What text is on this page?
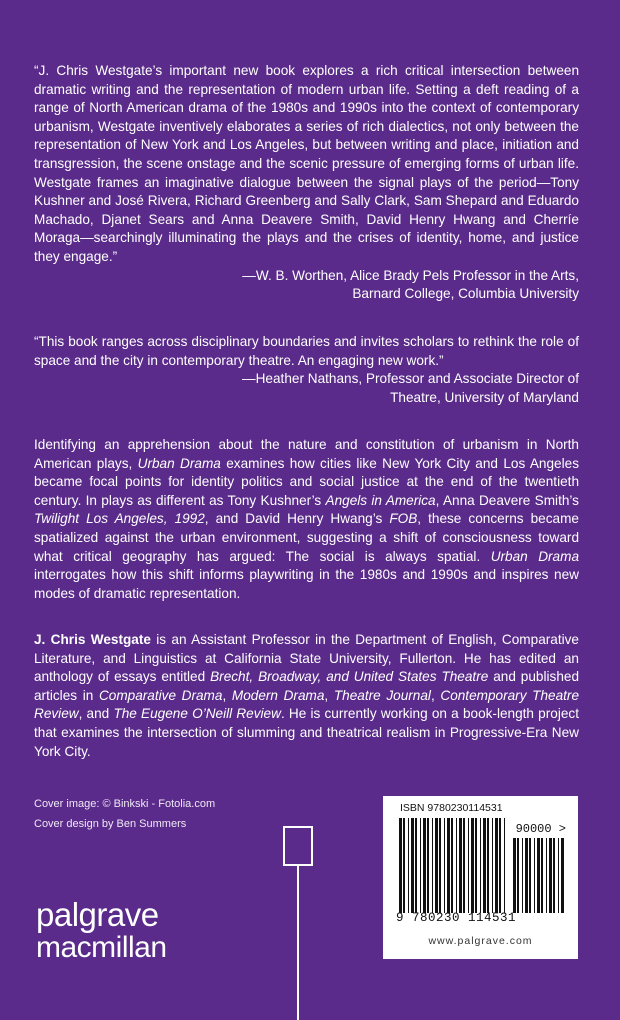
“J. Chris Westgate’s important new book explores a rich critical intersection between dramatic writing and the representation of modern urban life. Setting a deft reading of a range of North American drama of the 1980s and 1990s into the context of contemporary urbanism, Westgate inventively elaborates a series of rich dialectics, not only between the representation of New York and Los Angeles, but between writing and place, initiation and transgression, the scene onstage and the scenic pressure of emerging forms of urban life. Westgate frames an imaginative dialogue between the signal plays of the period—Tony Kushner and José Rivera, Richard Greenberg and Sally Clark, Sam Shepard and Eduardo Machado, Djanet Sears and Anna Deavere Smith, David Henry Hwang and Cherríe Moraga—searchingly illuminating the plays and the crises of identity, home, and justice they engage.”

—W. B. Worthen, Alice Brady Pels Professor in the Arts,
Barnard College, Columbia University

“This book ranges across disciplinary boundaries and invites scholars to rethink the role of space and the city in contemporary theatre. An engaging new work.”

—Heather Nathans, Professor and Associate Director of
Theatre, University of Maryland

Identifying an apprehension about the nature and constitution of urbanism in North American plays, Urban Drama examines how cities like New York City and Los Angeles became focal points for identity politics and social justice at the end of the twentieth century. In plays as different as Tony Kushner’s Angels in America, Anna Deavere Smith’s Twilight Los Angeles, 1992, and David Henry Hwang’s FOB, these concerns became spatialized against the urban environment, suggesting a shift of consciousness toward what critical geography has argued: The social is always spatial. Urban Drama interrogates how this shift informs playwriting in the 1980s and 1990s and inspires new modes of dramatic representation.

J. Chris Westgate is an Assistant Professor in the Department of English, Comparative Literature, and Linguistics at California State University, Fullerton. He has edited an anthology of essays entitled Brecht, Broadway, and United States Theatre and published articles in Comparative Drama, Modern Drama, Theatre Journal, Contemporary Theatre Review, and The Eugene O’Neill Review. He is currently working on a book-length project that examines the intersection of slumming and theatrical realism in Progressive-Era New York City.

Cover image: © Binkski - Fotolia.com
Cover design by Ben Summers
palgrave
macmillan
ISBN 9780230114531
90000 >
9 780230 114531
www.palgrave.com
